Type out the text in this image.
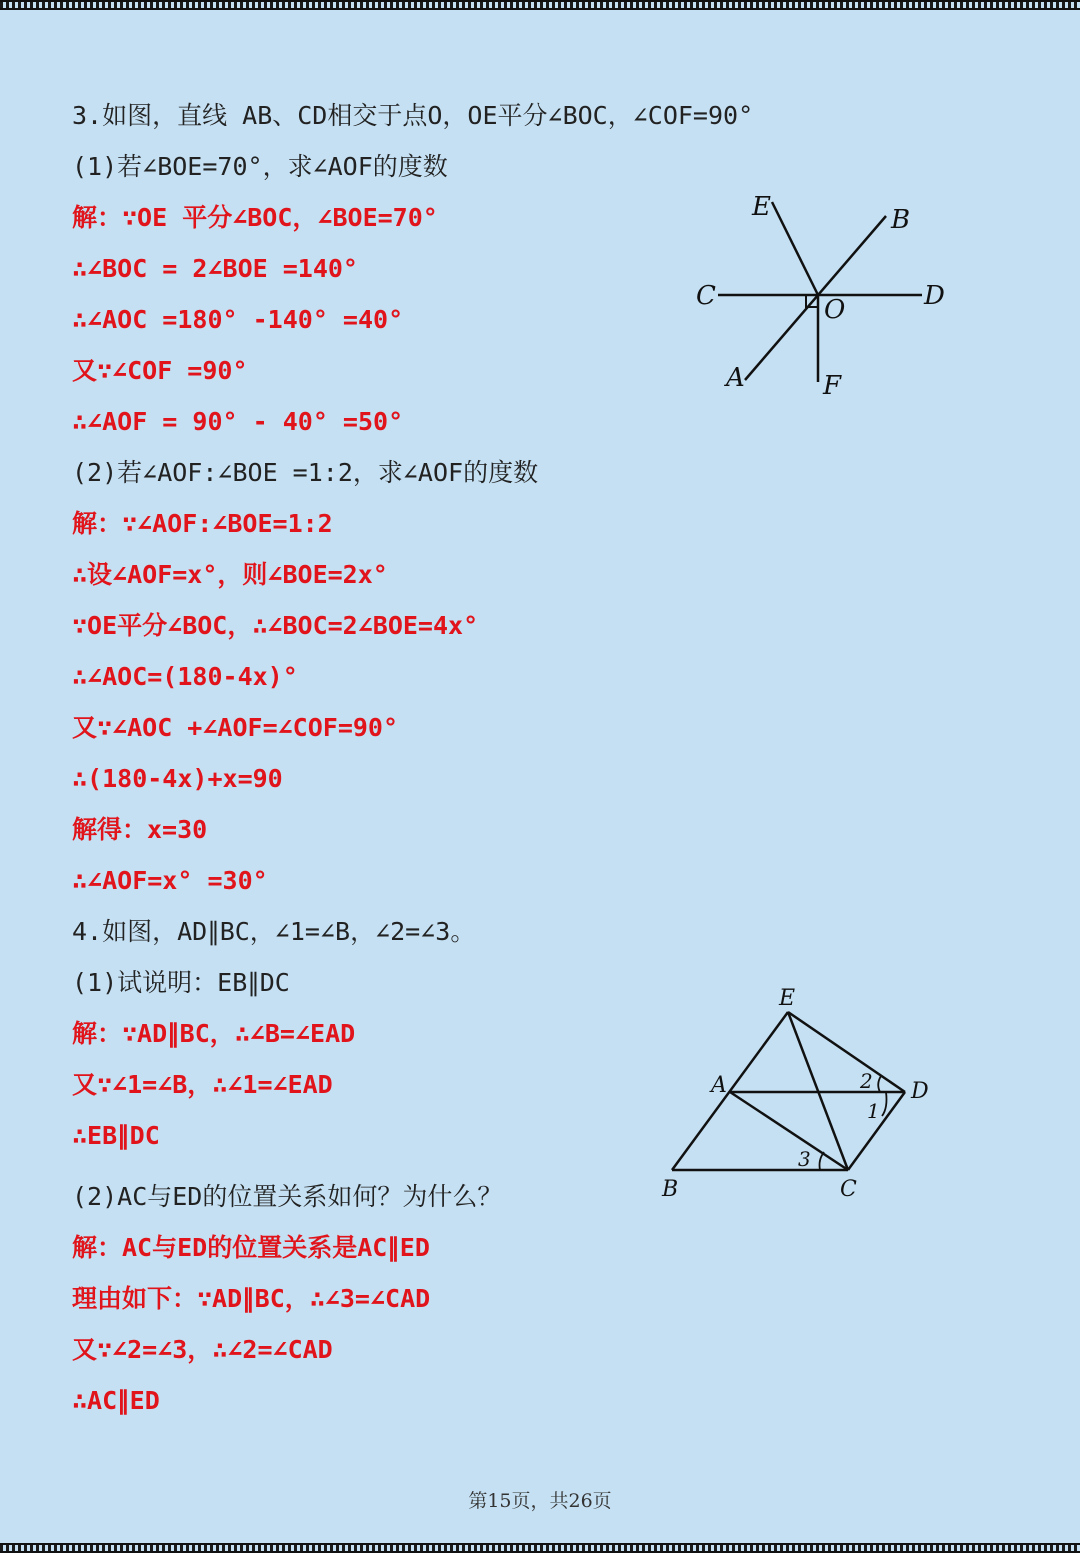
3.如图，直线 AB、CD相交于点O，OE平分∠BOC，∠COF=90°
(1)若∠BOE=70°，求∠AOF的度数
解：∵OE 平分∠BOC，∠BOE=70°
∴∠BOC = 2∠BOE =140°
∴∠AOC =180° -140° =40°
又∵∠COF =90°
∴∠AOF = 90° - 40° =50°
(2)若∠AOF:∠BOE =1:2，求∠AOF的度数
解：∵∠AOF:∠BOE=1:2
∴设∠AOF=x°，则∠BOE=2x°
∵OE平分∠BOC，∴∠BOC=2∠BOE=4x°
∴∠AOC=(180-4x)°
又∵∠AOC +∠AOF=∠COF=90°
∴(180-4x)+x=90
解得：x=30
∴∠AOF=x° =30°
4.如图，AD∥BC，∠1=∠B，∠2=∠3。
(1)试说明：EB∥DC
解：∵AD∥BC，∴∠B=∠EAD
又∵∠1=∠B，∴∠1=∠EAD
∴EB∥DC
(2)AC与ED的位置关系如何？为什么？
解：AC与ED的位置关系是AC∥ED
理由如下：∵AD∥BC，∴∠3=∠CAD
又∵∠2=∠3，∴∠2=∠CAD
∴AC∥ED
E	B
C	O	D
A	F
E
A	D
B	C
1
2
3
第15页，共26页
